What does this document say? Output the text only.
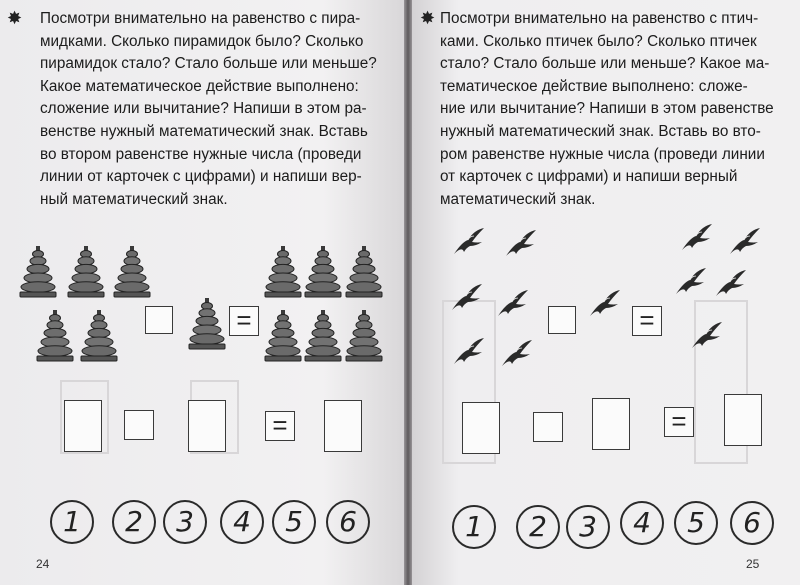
✸ Посмотри внимательно на равенство с пира-
мидками. Сколько пирамидок было? Сколько
пирамидок стало? Стало больше или меньше?
Какое математическое действие выполнено:
сложение или вычитание? Напиши в этом ра-
венстве нужный математический знак. Вставь
во втором равенстве нужные числа (проведи
линии от карточек с цифрами) и напиши вер-
ный математический знак.

=
=
1	2	3	4	5	6
24
✸ Посмотри внимательно на равенство с птич-
ками. Сколько птичек было? Сколько птичек
стало? Стало больше или меньше? Какое ма-
тематическое действие выполнено: сложе-
ние или вычитание? Напиши в этом равенстве
нужный математический знак. Вставь во вто-
ром равенстве нужные числа (проведи линии
от карточек с цифрами) и напиши верный
математический знак.

=
=
1	2	3	4	5	6
25
